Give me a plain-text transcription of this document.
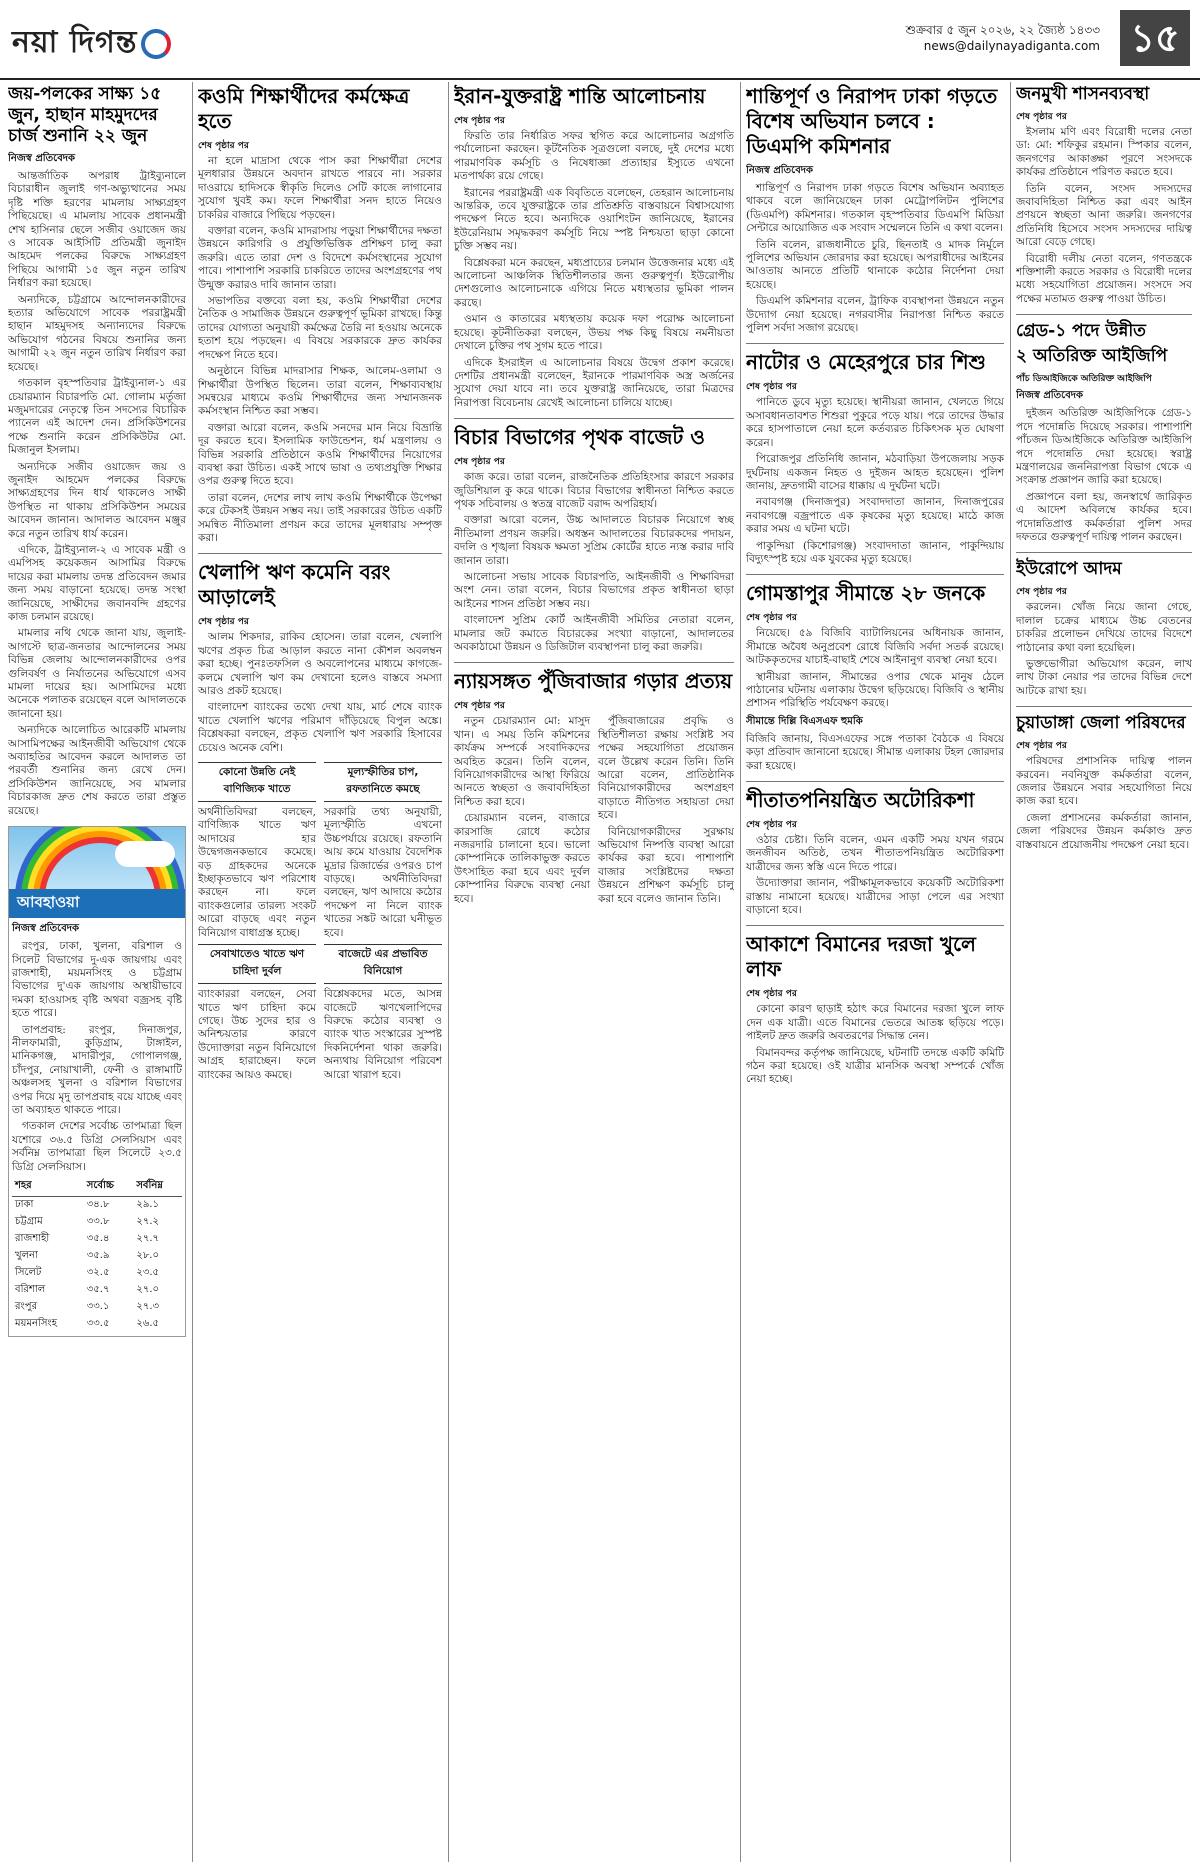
নয়া দিগন্ত	শুক্রবার ৫ জুন ২০২৬, ২২ জ্যৈষ্ঠ ১৪৩৩
news@dailynayadiganta.com ১৫
জয়-পলকের সাক্ষ্য ১৫ জুন, হাছান মাহমুদদের চার্জ শুনানি ২২ জুন
নিজস্ব প্রতিবেদক

আন্তর্জাতিক অপরাধ ট্রাইব্যুনালে বিচারাধীন জুলাই গণ-অভ্যুত্থানের সময় দৃষ্টি শক্তি হরণের মামলায় সাক্ষ্যগ্রহণ পিছিয়েছে। এ মামলায় সাবেক প্রধানমন্ত্রী শেখ হাসিনার ছেলে সজীব ওয়াজেদ জয় ও সাবেক আইসিটি প্রতিমন্ত্রী জুনাইদ আহমেদ পলকের বিরুদ্ধে সাক্ষ্যগ্রহণ পিছিয়ে আগামী ১৫ জুন নতুন তারিখ নির্ধারণ করা হয়েছে।

অন্যদিকে, চট্টগ্রামে আন্দোলনকারীদের হত্যার অভিযোগে সাবেক পররাষ্ট্রমন্ত্রী হাছান মাহমুদসহ অন্যান্যদের বিরুদ্ধে অভিযোগ গঠনের বিষয়ে শুনানির জন্য আগামী ২২ জুন নতুন তারিখ নির্ধারণ করা হয়েছে।

গতকাল বৃহস্পতিবার ট্রাইব্যুনাল-১ এর চেয়ারম্যান বিচারপতি মো. গোলাম মর্তূজা মজুমদারের নেতৃত্বে তিন সদস্যের বিচারিক প্যানেল এই আদেশ দেন। প্রসিকিউশনের পক্ষে শুনানি করেন প্রসিকিউটর মো. মিজানুল ইসলাম।

অন্যদিকে সজীব ওয়াজেদ জয় ও জুনাইদ আহমেদ পলকের বিরুদ্ধে সাক্ষ্যগ্রহণের দিন ধার্য থাকলেও সাক্ষী উপস্থিত না থাকায় প্রসিকিউশন সময়ের আবেদন জানান। আদালত আবেদন মঞ্জুর করে নতুন তারিখ ধার্য করেন।

এদিকে, ট্রাইব্যুনাল-২ এ সাবেক মন্ত্রী ও এমপিসহ কয়েকজন আসামির বিরুদ্ধে দায়ের করা মামলায় তদন্ত প্রতিবেদন জমার জন্য সময় বাড়ানো হয়েছে। তদন্ত সংস্থা জানিয়েছে, সাক্ষীদের জবানবন্দি গ্রহণের কাজ চলমান রয়েছে।

মামলার নথি থেকে জানা যায়, জুলাই-আগস্টে ছাত্র-জনতার আন্দোলনের সময় বিভিন্ন জেলায় আন্দোলনকারীদের ওপর গুলিবর্ষণ ও নির্যাতনের অভিযোগে এসব মামলা দায়ের হয়। আসামিদের মধ্যে অনেকে পলাতক রয়েছেন বলে আদালতকে জানানো হয়।

অন্যদিকে আলোচিত আরেকটি মামলায় আসামিপক্ষের আইনজীবী অভিযোগ থেকে অব্যাহতির আবেদন করলে আদালত তা পরবর্তী শুনানির জন্য রেখে দেন। প্রসিকিউশন জানিয়েছে, সব মামলার বিচারকাজ দ্রুত শেষ করতে তারা প্রস্তুত রয়েছে।

আবহাওয়া
নিজস্ব প্রতিবেদক

রংপুর, ঢাকা, খুলনা, বরিশাল ও সিলেট বিভাগের দু-এক জায়গায় এবং রাজশাহী, ময়মনসিংহ ও চট্টগ্রাম বিভাগের দু'এক জায়গায় অস্থায়ীভাবে দমকা হাওয়াসহ বৃষ্টি অথবা বজ্রসহ বৃষ্টি হতে পারে।

তাপপ্রবাহ: রংপুর, দিনাজপুর, নীলফামারী, কুড়িগ্রাম, টাঙ্গাইল, মানিকগঞ্জ, মাদারীপুর, গোপালগঞ্জ, চাঁদপুর, নোয়াখালী, ফেনী ও রাঙ্গামাটি অঞ্চলসহ খুলনা ও বরিশাল বিভাগের ওপর দিয়ে মৃদু তাপপ্রবাহ বয়ে যাচ্ছে এবং তা অব্যাহত থাকতে পারে।

গতকাল দেশের সর্বোচ্চ তাপমাত্রা ছিল যশোরে ৩৬.৫ ডিগ্রি সেলসিয়াস এবং সর্বনিম্ন তাপমাত্রা ছিল সিলেটে ২৩.৫ ডিগ্রি সেলসিয়াস।

শহর	সর্বোচ্চ	সর্বনিম্ন
ঢাকা	৩৪.৮	২৯.১
চট্টগ্রাম	৩৩.৮	২৭.২
রাজশাহী	৩৫.৪	২৭.৭
খুলনা	৩৫.৯	২৮.০
সিলেট	৩২.৫	২৩.৫
বরিশাল	৩৫.৭	২৭.০
রংপুর	৩৩.১	২৭.৩
ময়মনসিংহ	৩৩.৫	২৬.৫
কওমি শিক্ষার্থীদের কর্মক্ষেত্র হতে
শেষ পৃষ্ঠার পর

না হলে মাদ্রাসা থেকে পাস করা শিক্ষার্থীরা দেশের মূলধারার উন্নয়নে অবদান রাখতে পারবে না। সরকার দাওরায়ে হাদিসকে স্বীকৃতি দিলেও সেটি কাজে লাগানোর সুযোগ খুবই কম। ফলে শিক্ষার্থীরা সনদ হাতে নিয়েও চাকরির বাজারে পিছিয়ে পড়ছেন।

বক্তারা বলেন, কওমি মাদরাসায় পড়ুয়া শিক্ষার্থীদের দক্ষতা উন্নয়নে কারিগরি ও প্রযুক্তিভিত্তিক প্রশিক্ষণ চালু করা জরুরি। এতে তারা দেশ ও বিদেশে কর্মসংস্থানের সুযোগ পাবে। পাশাপাশি সরকারি চাকরিতে তাদের অংশগ্রহণের পথ উন্মুক্ত করারও দাবি জানান তারা।

সভাপতির বক্তব্যে বলা হয়, কওমি শিক্ষার্থীরা দেশের নৈতিক ও সামাজিক উন্নয়নে গুরুত্বপূর্ণ ভূমিকা রাখছে। কিন্তু তাদের যোগ্যতা অনুযায়ী কর্মক্ষেত্র তৈরি না হওয়ায় অনেকে হতাশ হয়ে পড়ছেন। এ বিষয়ে সরকারকে দ্রুত কার্যকর পদক্ষেপ নিতে হবে।

অনুষ্ঠানে বিভিন্ন মাদরাসার শিক্ষক, আলেম-ওলামা ও শিক্ষার্থীরা উপস্থিত ছিলেন। তারা বলেন, শিক্ষাব্যবস্থায় সমন্বয়ের মাধ্যমে কওমি শিক্ষার্থীদের জন্য সম্মানজনক কর্মসংস্থান নিশ্চিত করা সম্ভব।

বক্তারা আরো বলেন, কওমি সনদের মান নিয়ে বিভ্রান্তি দূর করতে হবে। ইসলামিক ফাউন্ডেশন, ধর্ম মন্ত্রণালয় ও বিভিন্ন সরকারি প্রতিষ্ঠানে কওমি শিক্ষার্থীদের নিয়োগের ব্যবস্থা করা উচিত। একই সাথে ভাষা ও তথ্যপ্রযুক্তি শিক্ষার ওপর গুরুত্ব দিতে হবে।

তারা বলেন, দেশের লাখ লাখ কওমি শিক্ষার্থীকে উপেক্ষা করে টেকসই উন্নয়ন সম্ভব নয়। তাই সরকারের উচিত একটি সমন্বিত নীতিমালা প্রণয়ন করে তাদের মূলধারায় সম্পৃক্ত করা।

খেলাপি ঋণ কমেনি বরং আড়ালেই
শেষ পৃষ্ঠার পর

আলম শিকদার, রাকিব হোসেন। তারা বলেন, খেলাপি ঋণের প্রকৃত চিত্র আড়াল করতে নানা কৌশল অবলম্বন করা হচ্ছে। পুনঃতফসিল ও অবলোপনের মাধ্যমে কাগজে-কলমে খেলাপি ঋণ কম দেখানো হলেও বাস্তবে সমস্যা আরও প্রকট হয়েছে।

বাংলাদেশ ব্যাংকের তথ্যে দেখা যায়, মার্চ শেষে ব্যাংক খাতে খেলাপি ঋণের পরিমাণ দাঁড়িয়েছে বিপুল অঙ্কে। বিশ্লেষকরা বলছেন, প্রকৃত খেলাপি ঋণ সরকারি হিসাবের চেয়েও অনেক বেশি।

কোনো উন্নতি নেই বাণিজ্যিক খাতে
অর্থনীতিবিদরা বলছেন, বাণিজ্যিক খাতে ঋণ আদায়ের হার উদ্বেগজনকভাবে কমেছে। বড় গ্রাহকদের অনেকে ইচ্ছাকৃতভাবে ঋণ পরিশোধ করছেন না। ফলে ব্যাংকগুলোর তারল্য সংকট আরো বাড়ছে এবং নতুন বিনিয়োগ বাধাগ্রস্ত হচ্ছে।
সেবাখাতেও খাতে ঋণ চাহিদা দুর্বল
ব্যাংকাররা বলছেন, সেবা খাতে ঋণ চাহিদা কমে গেছে। উচ্চ সুদের হার ও অনিশ্চয়তার কারণে উদ্যোক্তারা নতুন বিনিয়োগে আগ্রহ হারাচ্ছেন। ফলে ব্যাংকের আয়ও কমছে।
মূল্যস্ফীতির চাপ, রফতানিতে কমছে
সরকারি তথ্য অনুযায়ী, মূল্যস্ফীতি এখনো উচ্চপর্যায়ে রয়েছে। রফতানি আয় কমে যাওয়ায় বৈদেশিক মুদ্রার রিজার্ভের ওপরও চাপ বাড়ছে। অর্থনীতিবিদরা বলছেন, ঋণ আদায়ে কঠোর পদক্ষেপ না নিলে ব্যাংক খাতের সঙ্কট আরো ঘনীভূত হবে।
বাজেটে এর প্রভাবিত বিনিয়োগ
বিশ্লেষকদের মতে, আসন্ন বাজেটে ঋণখেলাপিদের বিরুদ্ধে কঠোর ব্যবস্থা ও ব্যাংক খাত সংস্কারের সুস্পষ্ট দিকনির্দেশনা থাকা জরুরি। অন্যথায় বিনিয়োগ পরিবেশ আরো খারাপ হবে।
ইরান-যুক্তরাষ্ট্র শান্তি আলোচনায়
শেষ পৃষ্ঠার পর

ফিরতি তার নির্ধারিত সফর স্থগিত করে আলোচনার অগ্রগতি পর্যালোচনা করছেন। কূটনৈতিক সূত্রগুলো বলছে, দুই দেশের মধ্যে পারমাণবিক কর্মসূচি ও নিষেধাজ্ঞা প্রত্যাহার ইস্যুতে এখনো মতপার্থক্য রয়ে গেছে।

ইরানের পররাষ্ট্রমন্ত্রী এক বিবৃতিতে বলেছেন, তেহরান আলোচনায় আন্তরিক, তবে যুক্তরাষ্ট্রকে তার প্রতিশ্রুতি বাস্তবায়নে বিশ্বাসযোগ্য পদক্ষেপ নিতে হবে। অন্যদিকে ওয়াশিংটন জানিয়েছে, ইরানের ইউরেনিয়াম সমৃদ্ধকরণ কর্মসূচি নিয়ে স্পষ্ট নিশ্চয়তা ছাড়া কোনো চুক্তি সম্ভব নয়।

বিশ্লেষকরা মনে করছেন, মধ্যপ্রাচ্যের চলমান উত্তেজনার মধ্যে এই আলোচনা আঞ্চলিক স্থিতিশীলতার জন্য গুরুত্বপূর্ণ। ইউরোপীয় দেশগুলোও আলোচনাকে এগিয়ে নিতে মধ্যস্থতার ভূমিকা পালন করছে।

ওমান ও কাতারের মধ্যস্থতায় কয়েক দফা পরোক্ষ আলোচনা হয়েছে। কূটনীতিকরা বলছেন, উভয় পক্ষ কিছু বিষয়ে নমনীয়তা দেখালে চুক্তির পথ সুগম হতে পারে।

এদিকে ইসরাইল এ আলোচনার বিষয়ে উদ্বেগ প্রকাশ করেছে। দেশটির প্রধানমন্ত্রী বলেছেন, ইরানকে পারমাণবিক অস্ত্র অর্জনের সুযোগ দেয়া যাবে না। তবে যুক্তরাষ্ট্র জানিয়েছে, তারা মিত্রদের নিরাপত্তা বিবেচনায় রেখেই আলোচনা চালিয়ে যাচ্ছে।

বিচার বিভাগের পৃথক বাজেট ও
শেষ পৃষ্ঠার পর

কাজ করে। তারা বলেন, রাজনৈতিক প্রতিহিংসার কারণে সরকার জুডিশিয়াল কু করে থাকে। বিচার বিভাগের স্বাধীনতা নিশ্চিত করতে পৃথক সচিবালয় ও স্বতন্ত্র বাজেট বরাদ্দ অপরিহার্য।

বক্তারা আরো বলেন, উচ্চ আদালতে বিচারক নিয়োগে স্বচ্ছ নীতিমালা প্রণয়ন জরুরি। অধস্তন আদালতের বিচারকদের পদায়ন, বদলি ও শৃঙ্খলা বিষয়ক ক্ষমতা সুপ্রিম কোর্টের হাতে ন্যস্ত করার দাবি জানান তারা।

আলোচনা সভায় সাবেক বিচারপতি, আইনজীবী ও শিক্ষাবিদরা অংশ নেন। তারা বলেন, বিচার বিভাগের প্রকৃত স্বাধীনতা ছাড়া আইনের শাসন প্রতিষ্ঠা সম্ভব নয়।

বাংলাদেশ সুপ্রিম কোর্ট আইনজীবী সমিতির নেতারা বলেন, মামলার জট কমাতে বিচারকের সংখ্যা বাড়ানো, আদালতের অবকাঠামো উন্নয়ন ও ডিজিটাল ব্যবস্থাপনা চালু করা জরুরি।

ন্যায়সঙ্গত পুঁজিবাজার গড়ার প্রত্যয়
শেষ পৃষ্ঠার পর

নতুন চেয়ারম্যান মো: মাসুদ খান। এ সময় তিনি কমিশনের কার্যক্রম সম্পর্কে সংবাদিকদের অবহিত করেন। তিনি বলেন, বিনিয়োগকারীদের আস্থা ফিরিয়ে আনতে স্বচ্ছতা ও জবাবদিহিতা নিশ্চিত করা হবে।

চেয়ারম্যান বলেন, বাজারে কারসাজি রোধে কঠোর নজরদারি চালানো হবে। ভালো কোম্পানিকে তালিকাভুক্ত করতে উৎসাহিত করা হবে এবং দুর্বল কোম্পানির বিরুদ্ধে ব্যবস্থা নেয়া হবে।

পুঁজিবাজারের প্রবৃদ্ধি ও স্থিতিশীলতা রক্ষায় সংশ্লিষ্ট সব পক্ষের সহযোগিতা প্রয়োজন বলে উল্লেখ করেন তিনি। তিনি আরো বলেন, প্রাতিষ্ঠানিক বিনিয়োগকারীদের অংশগ্রহণ বাড়াতে নীতিগত সহায়তা দেয়া হবে।

বিনিয়োগকারীদের সুরক্ষায় অভিযোগ নিষ্পত্তি ব্যবস্থা আরো কার্যকর করা হবে। পাশাপাশি বাজার সংশ্লিষ্টদের দক্ষতা উন্নয়নে প্রশিক্ষণ কর্মসূচি চালু করা হবে বলেও জানান তিনি।

শান্তিপূর্ণ ও নিরাপদ ঢাকা গড়তে বিশেষ অভিযান চলবে : ডিএমপি কমিশনার
নিজস্ব প্রতিবেদক

শান্তিপূর্ণ ও নিরাপদ ঢাকা গড়তে বিশেষ অভিযান অব্যাহত থাকবে বলে জানিয়েছেন ঢাকা মেট্রোপলিটন পুলিশের (ডিএমপি) কমিশনার। গতকাল বৃহস্পতিবার ডিএমপি মিডিয়া সেন্টারে আয়োজিত এক সংবাদ সম্মেলনে তিনি এ কথা বলেন।

তিনি বলেন, রাজধানীতে চুরি, ছিনতাই ও মাদক নির্মূলে পুলিশের অভিযান জোরদার করা হয়েছে। অপরাধীদের আইনের আওতায় আনতে প্রতিটি থানাকে কঠোর নির্দেশনা দেয়া হয়েছে।

ডিএমপি কমিশনার বলেন, ট্রাফিক ব্যবস্থাপনা উন্নয়নে নতুন উদ্যোগ নেয়া হয়েছে। নগরবাসীর নিরাপত্তা নিশ্চিত করতে পুলিশ সর্বদা সজাগ রয়েছে।

নাটোর ও মেহেরপুরে চার শিশু
শেষ পৃষ্ঠার পর

পানিতে ডুবে মৃত্যু হয়েছে। স্থানীয়রা জানান, খেলতে গিয়ে অসাবধানতাবশত শিশুরা পুকুরে পড়ে যায়। পরে তাদের উদ্ধার করে হাসপাতালে নেয়া হলে কর্তব্যরত চিকিৎসক মৃত ঘোষণা করেন।

পিরোজপুর প্রতিনিধি জানান, মঠবাড়িয়া উপজেলায় সড়ক দুর্ঘটনায় একজন নিহত ও দুইজন আহত হয়েছেন। পুলিশ জানায়, দ্রুতগামী বাসের ধাক্কায় এ দুর্ঘটনা ঘটে।

নবাবগঞ্জ (দিনাজপুর) সংবাদদাতা জানান, দিনাজপুরের নবাবগঞ্জে বজ্রপাতে এক কৃষকের মৃত্যু হয়েছে। মাঠে কাজ করার সময় এ ঘটনা ঘটে।

পাকুন্দিয়া (কিশোরগঞ্জ) সংবাদদাতা জানান, পাকুন্দিয়ায় বিদ্যুৎস্পৃষ্ট হয়ে এক যুবকের মৃত্যু হয়েছে।

গোমস্তাপুর সীমান্তে ২৮ জনকে
শেষ পৃষ্ঠার পর

নিয়েছে। ৫৯ বিজিবি ব্যাটালিয়নের অধিনায়ক জানান, সীমান্তে অবৈধ অনুপ্রবেশ রোধে বিজিবি সর্বদা সতর্ক রয়েছে। আটককৃতদের যাচাই-বাছাই শেষে আইনানুগ ব্যবস্থা নেয়া হবে।

স্থানীয়রা জানান, সীমান্তের ওপার থেকে মানুষ ঠেলে পাঠানোর ঘটনায় এলাকায় উদ্বেগ ছড়িয়েছে। বিজিবি ও স্থানীয় প্রশাসন পরিস্থিতি পর্যবেক্ষণ করছে।

সীমান্তে দিল্লি বিএসএফ হুমকি
বিজিবি জানায়, বিএসএফের সঙ্গে পতাকা বৈঠকে এ বিষয়ে কড়া প্রতিবাদ জানানো হয়েছে। সীমান্ত এলাকায় টহল জোরদার করা হয়েছে।
শীতাতপনিয়ন্ত্রিত অটোরিকশা
শেষ পৃষ্ঠার পর

ওঠার চেষ্টা। তিনি বলেন, এমন একটি সময় যখন গরমে জনজীবন অতিষ্ঠ, তখন শীতাতপনিয়ন্ত্রিত অটোরিকশা যাত্রীদের জন্য স্বস্তি এনে দিতে পারে।

উদ্যোক্তারা জানান, পরীক্ষামূলকভাবে কয়েকটি অটোরিকশা রাস্তায় নামানো হয়েছে। যাত্রীদের সাড়া পেলে এর সংখ্যা বাড়ানো হবে।

আকাশে বিমানের দরজা খুলে লাফ
শেষ পৃষ্ঠার পর

কোনো কারণ ছাড়াই হঠাৎ করে বিমানের দরজা খুলে লাফ দেন এক যাত্রী। এতে বিমানের ভেতরে আতঙ্ক ছড়িয়ে পড়ে। পাইলট দ্রুত জরুরি অবতরণের সিদ্ধান্ত নেন।

বিমানবন্দর কর্তৃপক্ষ জানিয়েছে, ঘটনাটি তদন্তে একটি কমিটি গঠন করা হয়েছে। ওই যাত্রীর মানসিক অবস্থা সম্পর্কে খোঁজ নেয়া হচ্ছে।

জনমুখী শাসনব্যবস্থা
শেষ পৃষ্ঠার পর

ইসলাম মণি এবং বিরোধী দলের নেতা ডা: মো: শফিকুর রহমান। স্পিকার বলেন, জনগণের আকাঙ্ক্ষা পূরণে সংসদকে কার্যকর প্রতিষ্ঠানে পরিণত করতে হবে।

তিনি বলেন, সংসদ সদস্যদের জবাবদিহিতা নিশ্চিত করা এবং আইন প্রণয়নে স্বচ্ছতা আনা জরুরি। জনগণের প্রতিনিধি হিসেবে সংসদ সদস্যদের দায়িত্ব আরো বেড়ে গেছে।

বিরোধী দলীয় নেতা বলেন, গণতন্ত্রকে শক্তিশালী করতে সরকার ও বিরোধী দলের মধ্যে সহযোগিতা প্রয়োজন। সংসদে সব পক্ষের মতামত গুরুত্ব পাওয়া উচিত।

গ্রেড-১ পদে উন্নীত
২ অতিরিক্ত আইজিপি
পাঁচ ডিআইজিকে অতিরিক্ত আইজিপি
নিজস্ব প্রতিবেদক

দুইজন অতিরিক্ত আইজিপিকে গ্রেড-১ পদে পদোন্নতি দিয়েছে সরকার। পাশাপাশি পাঁচজন ডিআইজিকে অতিরিক্ত আইজিপি পদে পদোন্নতি দেয়া হয়েছে। স্বরাষ্ট্র মন্ত্রণালয়ের জননিরাপত্তা বিভাগ থেকে এ সংক্রান্ত প্রজ্ঞাপন জারি করা হয়েছে।

প্রজ্ঞাপনে বলা হয়, জনস্বার্থে জারিকৃত এ আদেশ অবিলম্বে কার্যকর হবে। পদোন্নতিপ্রাপ্ত কর্মকর্তারা পুলিশ সদর দফতরে গুরুত্বপূর্ণ দায়িত্ব পালন করছেন।

ইউরোপে আদম
শেষ পৃষ্ঠার পর

করলেন। খোঁজ নিয়ে জানা গেছে, দালাল চক্রের মাধ্যমে উচ্চ বেতনের চাকরির প্রলোভন দেখিয়ে তাদের বিদেশে পাঠানোর কথা বলা হয়েছিল।

ভুক্তভোগীরা অভিযোগ করেন, লাখ লাখ টাকা নেয়ার পর তাদের বিভিন্ন দেশে আটকে রাখা হয়।

চুয়াডাঙ্গা জেলা পরিষদের
শেষ পৃষ্ঠার পর

পরিষদের প্রশাসনিক দায়িত্ব পালন করবেন। নবনিযুক্ত কর্মকর্তারা বলেন, জেলার উন্নয়নে সবার সহযোগিতা নিয়ে কাজ করা হবে।

জেলা প্রশাসনের কর্মকর্তারা জানান, জেলা পরিষদের উন্নয়ন কর্মকাণ্ড দ্রুত বাস্তবায়নে প্রয়োজনীয় পদক্ষেপ নেয়া হবে।
